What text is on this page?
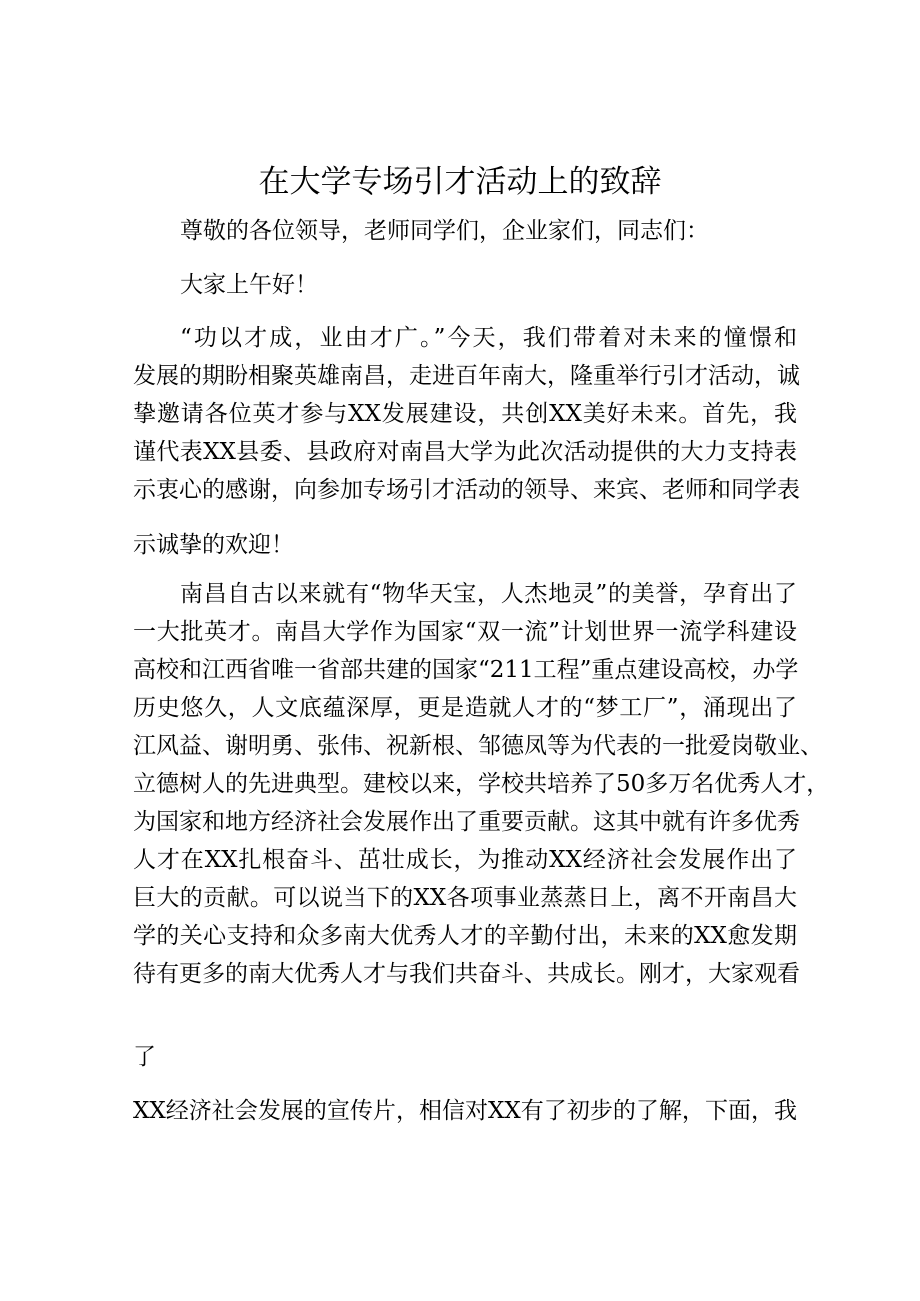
在大学专场引才活动上的致辞
尊敬的各位领导，老师同学们，企业家们，同志们：
大家上午好！
“功以才成，业由才广。”今天，我们带着对未来的憧憬和
发展的期盼相聚英雄南昌，走进百年南大，隆重举行引才活动，诚
挚邀请各位英才参与XX发展建设，共创XX美好未来。首先，我
谨代表XX县委、县政府对南昌大学为此次活动提供的大力支持表
示衷心的感谢，向参加专场引才活动的领导、来宾、老师和同学表
示诚挚的欢迎！
南昌自古以来就有“物华天宝，人杰地灵”的美誉，孕育出了
一大批英才。南昌大学作为国家“双一流”计划世界一流学科建设
高校和江西省唯一省部共建的国家“211工程”重点建设高校，办学
历史悠久，人文底蕴深厚，更是造就人才的“梦工厂”，涌现出了
江风益、谢明勇、张伟、祝新根、邹德凤等为代表的一批爱岗敬业、
立德树人的先进典型。建校以来，学校共培养了50多万名优秀人才，
为国家和地方经济社会发展作出了重要贡献。这其中就有许多优秀
人才在XX扎根奋斗、茁壮成长，为推动XX经济社会发展作出了
巨大的贡献。可以说当下的XX各项事业蒸蒸日上，离不开南昌大
学的关心支持和众多南大优秀人才的辛勤付出，未来的XX愈发期
待有更多的南大优秀人才与我们共奋斗、共成长。刚才，大家观看
了
XX经济社会发展的宣传片，相信对XX有了初步的了解，下面，我
